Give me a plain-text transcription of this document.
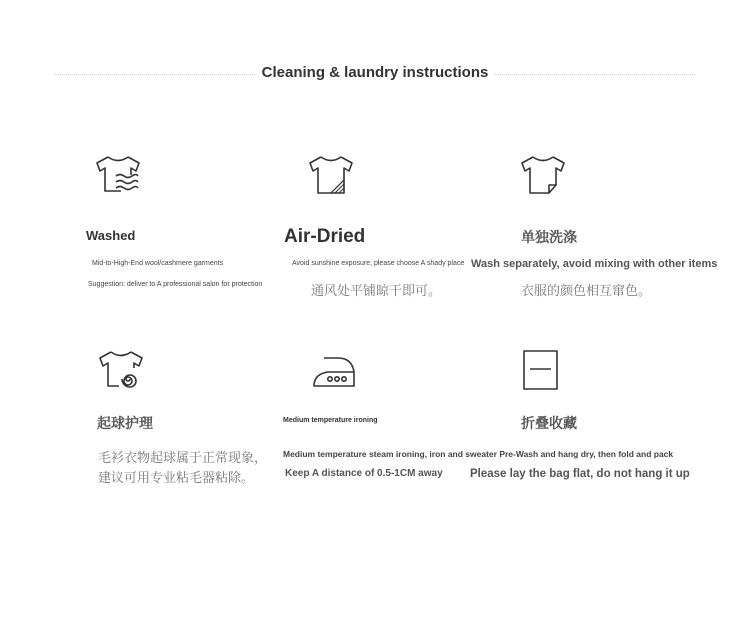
Cleaning & laundry instructions
Washed
Mid-to-High-End wool/cashmere garments
Suggestion: deliver to A professional salon for protection
Air-Dried
Avoid sunshine exposure, please choose A shady place
通风处平铺晾干即可。
单独洗涤
Wash separately, avoid mixing with other items
衣服的颜色相互窜色。
起球护理
毛衫衣物起球属于正常现象，
建议可用专业粘毛器粘除。
Medium temperature ironing
Medium temperature steam ironing, iron and sweater Pre-Wash and hang dry, then fold and pack
Keep A distance of 0.5-1CM away
折叠收藏
Please lay the bag flat, do not hang it up
